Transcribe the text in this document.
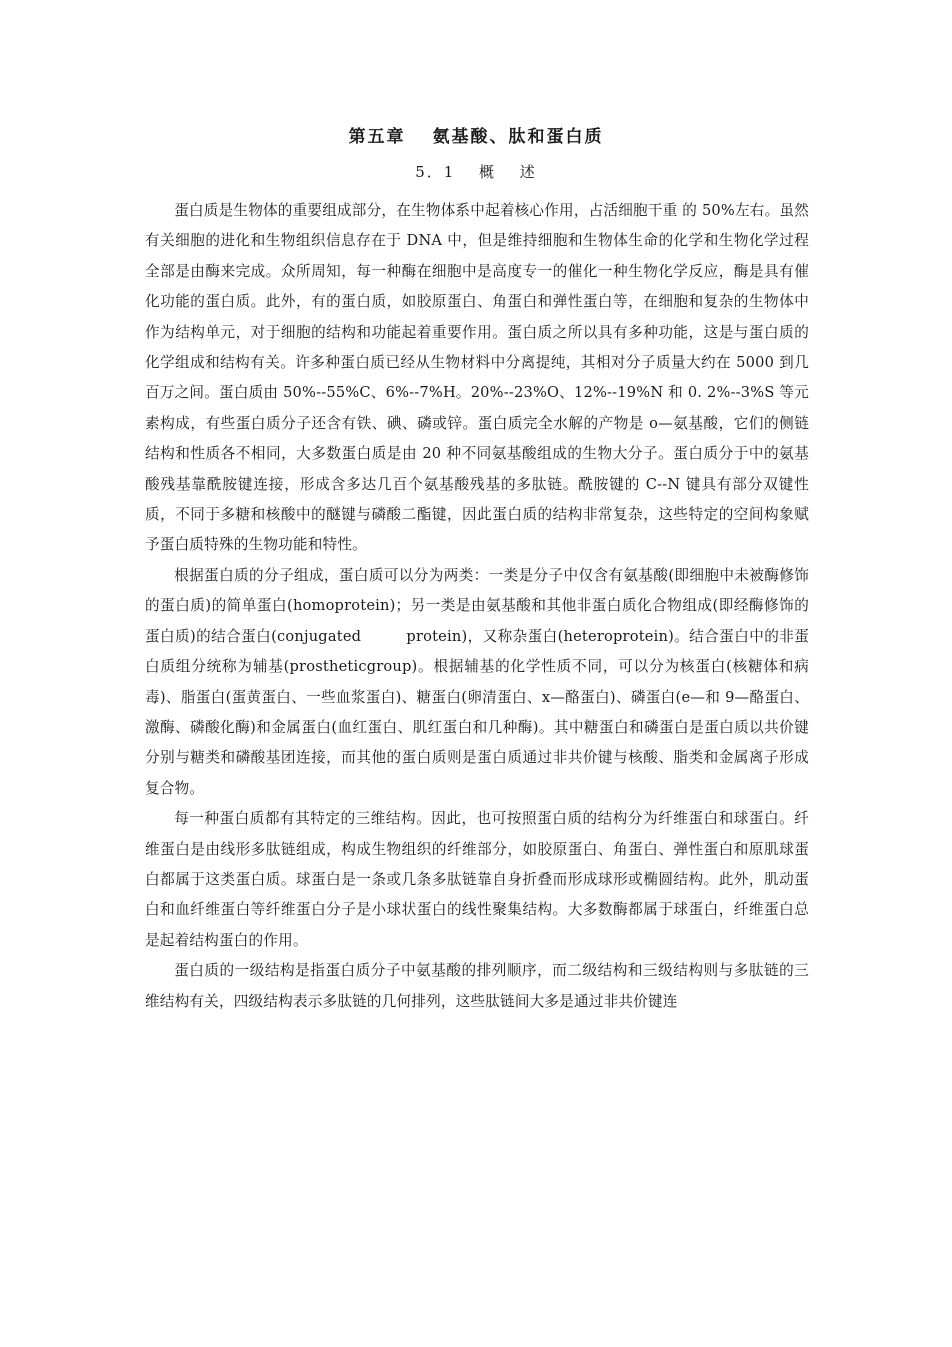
第五章　 氨基酸、肽和蛋白质
5．1　 概　 述

蛋白质是生物体的重要组成部分，在生物体系中起着核心作用，占活细胞干重 的 50%左右。虽然有关细胞的进化和生物组织信息存在于 DNA 中，但是维持细胞和生物体生命的化学和生物化学过程全部是由酶来完成。众所周知，每一种酶在细胞中是高度专一的催化一种生物化学反应，酶是具有催化功能的蛋白质。此外，有的蛋白质，如胶原蛋白、角蛋白和弹性蛋白等，在细胞和复杂的生物体中作为结构单元，对于细胞的结构和功能起着重要作用。蛋白质之所以具有多种功能，这是与蛋白质的化学组成和结构有关。许多种蛋白质已经从生物材料中分离提纯，其相对分子质量大约在 5000 到几百万之间。蛋白质由 50%--55%C、6%--7%H。20%--23%O、12%--19%N 和 0. 2%--3%S 等元素构成，有些蛋白质分子还含有铁、碘、磷或锌。蛋白质完全水解的产物是 o—氨基酸，它们的侧链结构和性质各不相同，大多数蛋白质是由 20 种不同氨基酸组成的生物大分子。蛋白质分于中的氨基酸残基靠酰胺键连接，形成含多达几百个氨基酸残基的多肽链。酰胺键的 C--N 键具有部分双键性质，不同于多糖和核酸中的醚键与磷酸二酯键，因此蛋白质的结构非常复杂，这些特定的空间构象赋予蛋白质特殊的生物功能和特性。

根据蛋白质的分子组成，蛋白质可以分为两类：一类是分子中仅含有氨基酸(即细胞中未被酶修饰的蛋白质)的简单蛋白(homoprotein)；另一类是由氨基酸和其他非蛋白质化合物组成(即经酶修饰的蛋白质)的结合蛋白(conjugated　　　protein)，又称杂蛋白(heteroprotein)。结合蛋白中的非蛋白质组分统称为辅基(prostheticgroup)。根据辅基的化学性质不同，可以分为核蛋白(核糖体和病毒)、脂蛋白(蛋黄蛋白、一些血浆蛋白)、糖蛋白(卵清蛋白、x—酪蛋白)、磷蛋白(e—和 9—酪蛋白、激酶、磷酸化酶)和金属蛋白(血红蛋白、肌红蛋白和几种酶)。其中糖蛋白和磷蛋白是蛋白质以共价键分别与糖类和磷酸基团连接，而其他的蛋白质则是蛋白质通过非共价键与核酸、脂类和金属离子形成复合物。

每一种蛋白质都有其特定的三维结构。因此，也可按照蛋白质的结构分为纤维蛋白和球蛋白。纤维蛋白是由线形多肽链组成，构成生物组织的纤维部分，如胶原蛋白、角蛋白、弹性蛋白和原肌球蛋白都属于这类蛋白质。球蛋白是一条或几条多肽链靠自身折叠而形成球形或椭圆结构。此外，肌动蛋白和血纤维蛋白等纤维蛋白分子是小球状蛋白的线性聚集结构。大多数酶都属于球蛋白，纤维蛋白总是起着结构蛋白的作用。

蛋白质的一级结构是指蛋白质分子中氨基酸的排列顺序，而二级结构和三级结构则与多肽链的三维结构有关，四级结构表示多肽链的几何排列，这些肽链间大多是通过非共价键连
